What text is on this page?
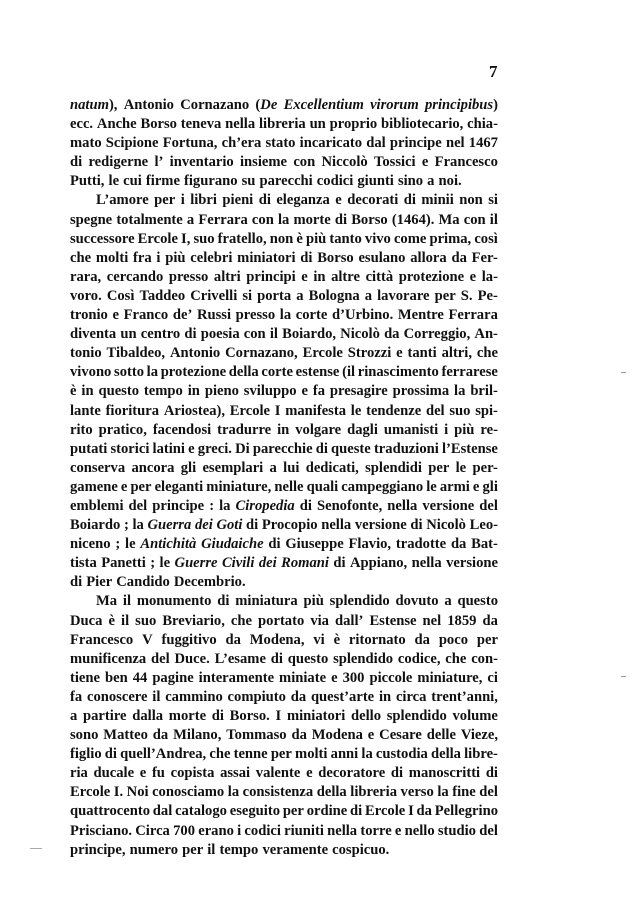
7
natum), Antonio Cornazano (De Excellentium virorum principibus)
ecc. Anche Borso teneva nella libreria un proprio bibliotecario, chia-
mato Scipione Fortuna, ch’era stato incaricato dal principe nel 1467
di redigerne l’ inventario insieme con Niccolò Tossici e Francesco
Putti, le cui firme figurano su parecchi codici giunti sino a noi.
L’amore per i libri pieni di eleganza e decorati di minii non si
spegne totalmente a Ferrara con la morte di Borso (1464). Ma con il
successore Ercole I, suo fratello, non è più tanto vivo come prima, così
che molti fra i più celebri miniatori di Borso esulano allora da Fer-
rara, cercando presso altri principi e in altre città protezione e la-
voro. Così Taddeo Crivelli si porta a Bologna a lavorare per S. Pe-
tronio e Franco de’ Russi presso la corte d’Urbino. Mentre Ferrara
diventa un centro di poesia con il Boiardo, Nicolò da Correggio, An-
tonio Tibaldeo, Antonio Cornazano, Ercole Strozzi e tanti altri, che
vivono sotto la protezione della corte estense (il rinascimento ferrarese
è in questo tempo in pieno sviluppo e fa presagire prossima la bril-
lante fioritura Ariostea), Ercole I manifesta le tendenze del suo spi-
rito pratico, facendosi tradurre in volgare dagli umanisti i più re-
putati storici latini e greci. Di parecchie di queste traduzioni l’Estense
conserva ancora gli esemplari a lui dedicati, splendidi per le per-
gamene e per eleganti miniature, nelle quali campeggiano le armi e gli
emblemi del principe : la Ciropedia di Senofonte, nella versione del
Boiardo ; la Guerra dei Goti di Procopio nella versione di Nicolò Leo-
niceno ; le Antichità Giudaiche di Giuseppe Flavio, tradotte da Bat-
tista Panetti ; le Guerre Civili dei Romani di Appiano, nella versione
di Pier Candido Decembrio.
Ma il monumento di miniatura più splendido dovuto a questo
Duca è il suo Breviario, che portato via dall’ Estense nel 1859 da
Francesco V fuggitivo da Modena, vi è ritornato da poco per
munificenza del Duce. L’esame di questo splendido codice, che con-
tiene ben 44 pagine interamente miniate e 300 piccole miniature, ci
fa conoscere il cammino compiuto da quest’arte in circa trent’anni,
a partire dalla morte di Borso. I miniatori dello splendido volume
sono Matteo da Milano, Tommaso da Modena e Cesare delle Vieze,
figlio di quell’Andrea, che tenne per molti anni la custodia della libre-
ria ducale e fu copista assai valente e decoratore di manoscritti di
Ercole I. Noi conosciamo la consistenza della libreria verso la fine del
quattrocento dal catalogo eseguito per ordine di Ercole I da Pellegrino
Prisciano. Circa 700 erano i codici riuniti nella torre e nello studio del
principe, numero per il tempo veramente cospicuo.
